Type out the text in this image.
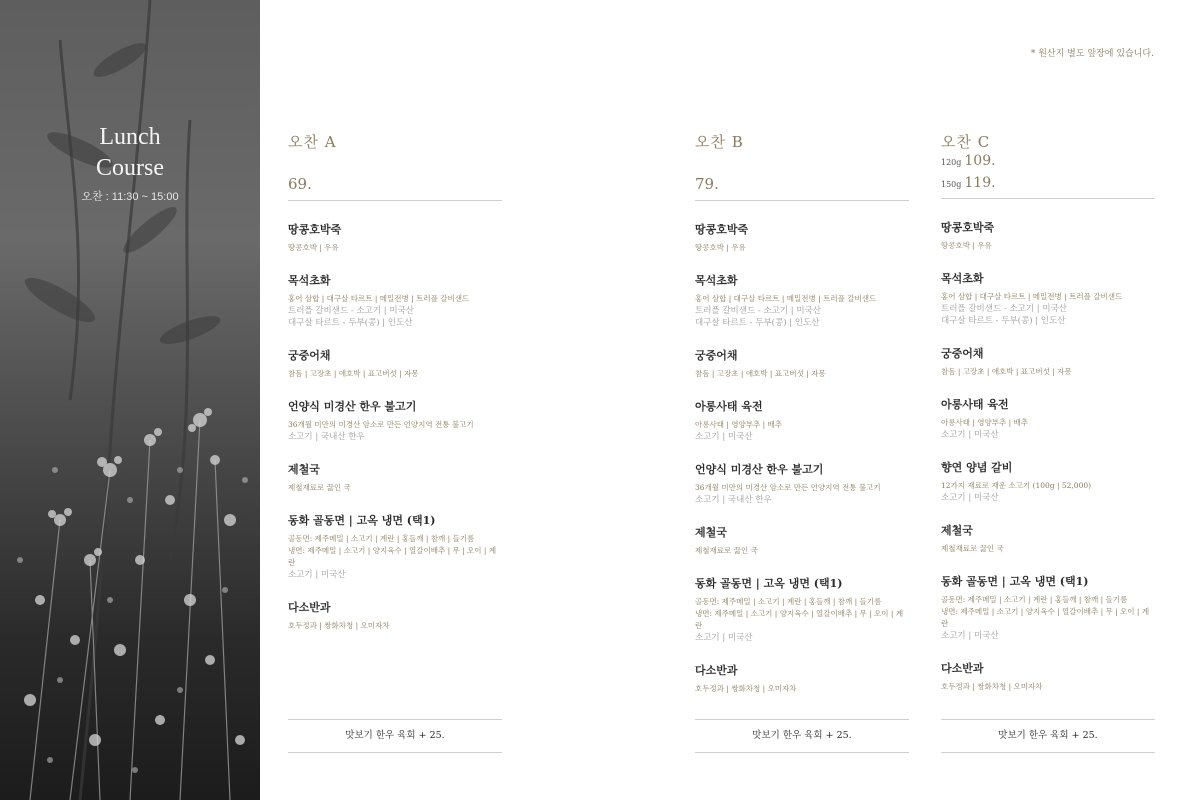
Lunch
Course
오찬 : 11:30 ~ 15:00
* 원산지 별도 앞장에 있습니다.
오찬 A
69.
땅콩호박죽
땅콩호박 | 우유
목석초화
홍어 삼합 | 대구살 타르트 | 메밀전병 | 트러플 갈비샌드
트러플 갈비샌드 - 소고기 | 미국산
대구살 타르트 - 두부(콩) | 인도산
궁중어채
참돔 | 고장초 | 애호박 | 표고버섯 | 자몽
언양식 미경산 한우 불고기
36개월 미만의 미경산 암소로 만든 언양지역 전통 불고기
소고기 | 국내산 한우
제철국
제철재료로 끓인 국
동화 골동면 | 고옥 냉면 (택1)
골동면: 제주메밀 | 소고기 | 계란 | 홍들깨 | 참깨 | 들기름
냉면: 제주메밀 | 소고기 | 양지육수 | 열갈이배추 | 무 | 오이 | 계란
소고기 | 미국산
다소반과
호두정과 | 쌍화차청 | 오미자차
맛보기 한우 육회 + 25.
오찬 B
79.
땅콩호박죽
땅콩호박 | 우유
목석초화
홍어 삼합 | 대구살 타르트 | 메밀전병 | 트러플 갈비샌드
트러플 갈비샌드 - 소고기 | 미국산
대구살 타르트 - 두부(콩) | 인도산
궁중어채
참돔 | 고장초 | 애호박 | 표고버섯 | 자몽
아롱사태 육전
아롱사태 | 영양부추 | 배추
소고기 | 미국산
언양식 미경산 한우 불고기
36개월 미만의 미경산 암소로 만든 언양지역 전통 불고기
소고기 | 국내산 한우
제철국
제철재료로 끓인 국
동화 골동면 | 고옥 냉면 (택1)
골동면: 제주메밀 | 소고기 | 계란 | 홍들깨 | 참깨 | 들기름
냉면: 제주메밀 | 소고기 | 양지육수 | 열갈이배추 | 무 | 오이 | 계란
소고기 | 미국산
다소반과
호두정과 | 쌍화차청 | 오미자차
맛보기 한우 육회 + 25.
오찬 C
120g 109.
150g 119.
땅콩호박죽
땅콩호박 | 우유
목석초화
홍어 삼합 | 대구살 타르트 | 메밀전병 | 트러플 갈비샌드
트러플 갈비샌드 - 소고기 | 미국산
대구살 타르트 - 두부(콩) | 인도산
궁중어채
참돔 | 고장초 | 애호박 | 표고버섯 | 자몽
아롱사태 육전
아롱사태 | 영양부추 | 배추
소고기 | 미국산
향연 양념 갈비
12가지 재료로 재운 소고기 (100g | 52,000)
소고기 | 미국산
제철국
제철재료로 끓인 국
동화 골동면 | 고옥 냉면 (택1)
골동면: 제주메밀 | 소고기 | 계란 | 홍들깨 | 참깨 | 들기름
냉면: 제주메밀 | 소고기 | 양지육수 | 열갈이배추 | 무 | 오이 | 계란
소고기 | 미국산
다소반과
호두정과 | 쌍화차청 | 오미자차
맛보기 한우 육회 + 25.
